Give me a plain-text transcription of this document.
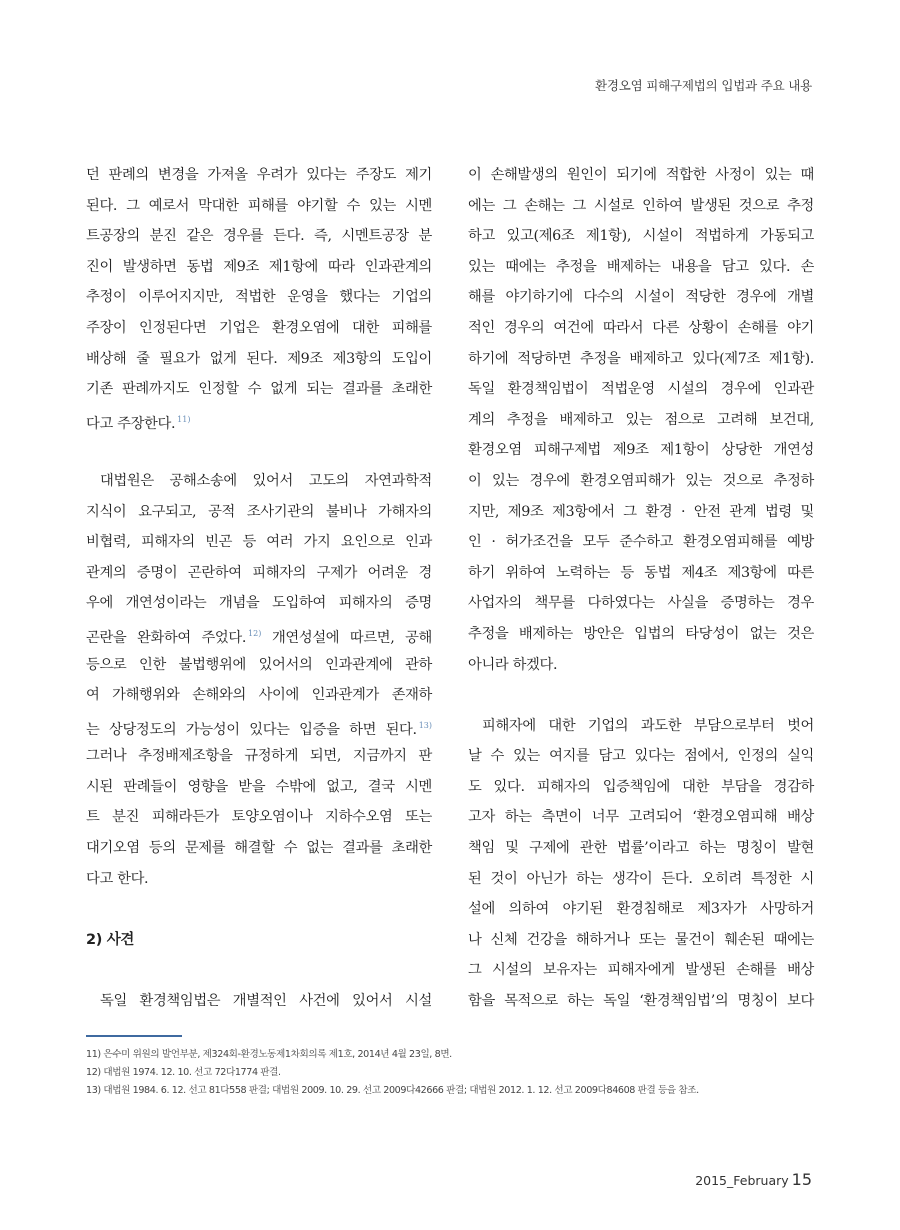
환경오염 피해구제법의 입법과 주요 내용
던 판례의 변경을 가져올 우려가 있다는 주장도 제기
된다. 그 예로서 막대한 피해를 야기할 수 있는 시멘
트공장의 분진 같은 경우를 든다. 즉, 시멘트공장 분
진이 발생하면 동법 제9조 제1항에 따라 인과관계의
추정이 이루어지지만, 적법한 운영을 했다는 기업의
주장이 인정된다면 기업은 환경오염에 대한 피해를
배상해 줄 필요가 없게 된다. 제9조 제3항의 도입이
기존 판례까지도 인정할 수 없게 되는 결과를 초래한
다고 주장한다. $^{11)}$
대법원은 공해소송에 있어서 고도의 자연과학적
지식이 요구되고, 공적 조사기관의 불비나 가해자의
비협력, 피해자의 빈곤 등 여러 가지 요인으로 인과
관계의 증명이 곤란하여 피해자의 구제가 어려운 경
우에 개연성이라는 개념을 도입하여 피해자의 증명
곤란을 완화하여 주었다. $^{12)}$ 개연성설에 따르면, 공해
등으로 인한 불법행위에 있어서의 인과관계에 관하
여 가해행위와 손해와의 사이에 인과관계가 존재하
는 상당정도의 가능성이 있다는 입증을 하면 된다. $^{13)}$
그러나 추정배제조항을 규정하게 되면, 지금까지 판
시된 판례들이 영향을 받을 수밖에 없고, 결국 시멘
트 분진 피해라든가 토양오염이나 지하수오염 또는
대기오염 등의 문제를 해결할 수 없는 결과를 초래한
다고 한다.
2) 사견
독일 환경책임법은 개별적인 사건에 있어서 시설
이 손해발생의 원인이 되기에 적합한 사정이 있는 때
에는 그 손해는 그 시설로 인하여 발생된 것으로 추정
하고 있고(제6조 제1항), 시설이 적법하게 가동되고
있는 때에는 추정을 배제하는 내용을 담고 있다. 손
해를 야기하기에 다수의 시설이 적당한 경우에 개별
적인 경우의 여건에 따라서 다른 상황이 손해를 야기
하기에 적당하면 추정을 배제하고 있다(제7조 제1항).
독일 환경책임법이 적법운영 시설의 경우에 인과관
계의 추정을 배제하고 있는 점으로 고려해 보건대,
환경오염 피해구제법 제9조 제1항이 상당한 개연성
이 있는 경우에 환경오염피해가 있는 것으로 추정하
지만, 제9조 제3항에서 그 환경 · 안전 관계 법령 및
인 · 허가조건을 모두 준수하고 환경오염피해를 예방
하기 위하여 노력하는 등 동법 제4조 제3항에 따른
사업자의 책무를 다하였다는 사실을 증명하는 경우
추정을 배제하는 방안은 입법의 타당성이 없는 것은
아니라 하겠다.
피해자에 대한 기업의 과도한 부담으로부터 벗어
날 수 있는 여지를 담고 있다는 점에서, 인정의 실익
도 있다. 피해자의 입증책임에 대한 부담을 경감하
고자 하는 측면이 너무 고려되어 ‘환경오염피해 배상
책임 및 구제에 관한 법률’이라고 하는 명칭이 발현
된 것이 아닌가 하는 생각이 든다. 오히려 특정한 시
설에 의하여 야기된 환경침해로 제3자가 사망하거
나 신체 건강을 해하거나 또는 물건이 훼손된 때에는
그 시설의 보유자는 피해자에게 발생된 손해를 배상
함을 목적으로 하는 독일 ‘환경책임법’의 명칭이 보다
11) 은수미 위원의 발언부분, 제324회-환경노동제1차회의록 제1호, 2014년 4월 23일, 8면.
12) 대법원 1974. 12. 10. 선고 72다1774 판결.
13) 대법원 1984. 6. 12. 선고 81다558 판결; 대법원 2009. 10. 29. 선고 2009다42666 판결; 대법원 2012. 1. 12. 선고 2009다84608 판결 등을 참조.
2015_February 15
